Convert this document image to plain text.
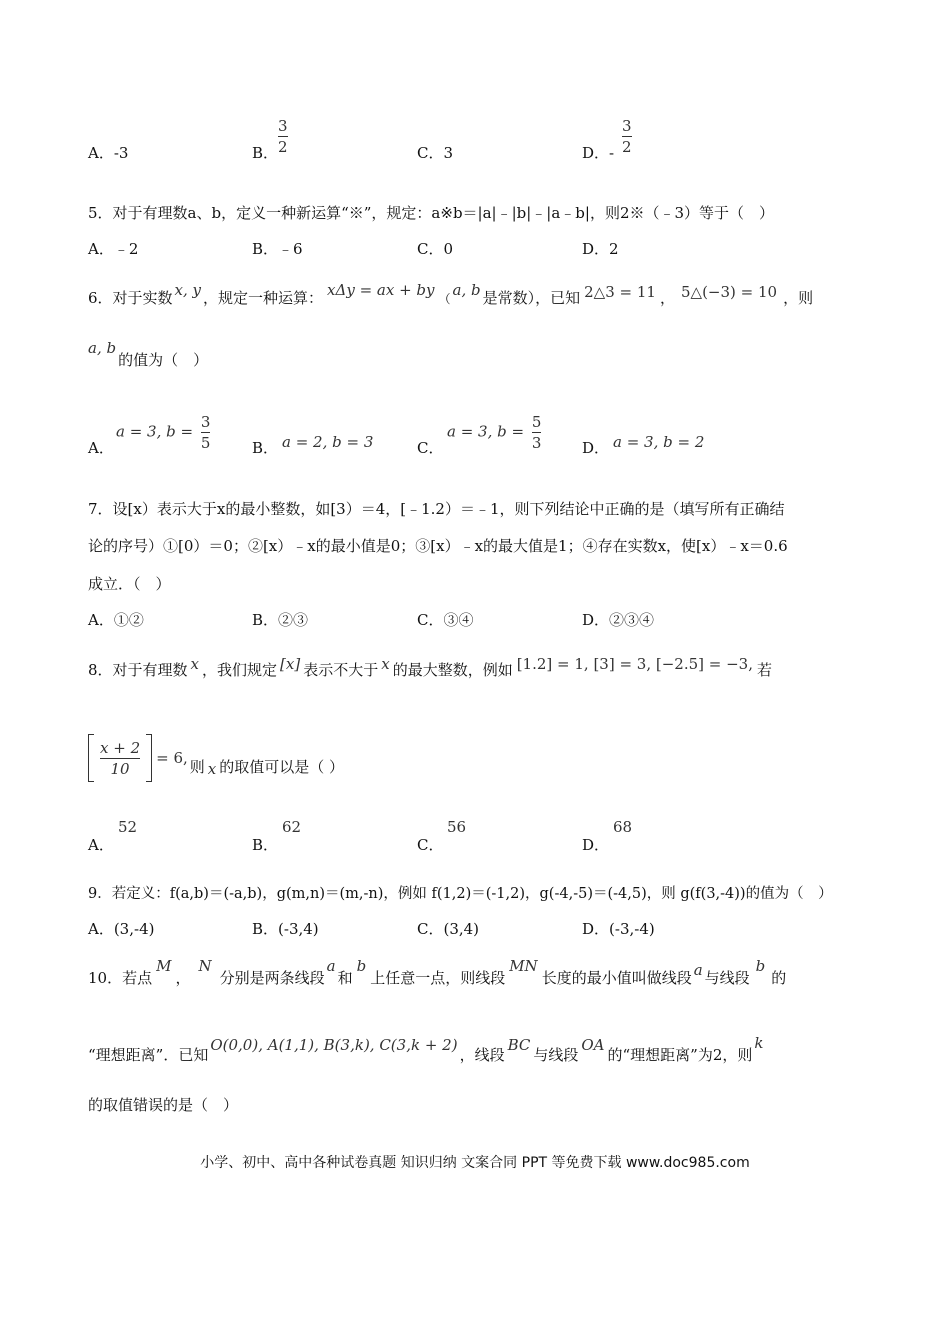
A．-3	B． $\frac{3}{2}$	C．3	D．- $\frac{3}{2}$
5．对于有理数a、b，定义一种新运算“※”，规定：a※b＝|a|﹣|b|﹣|a﹣b|，则2※（﹣3）等于（　）
A．﹣2	B．﹣6	C．0	D．2
6．对于实数 x, y ，规定一种运算： xΔy = ax + by （ a, b 是常数），已知 2△3 = 11 ， 5△(−3) = 10 ，则
a, b的值为（　）
A．
a = 3, $b = \frac{3}{5}$	B． a = 2, b = 3	C．
a = 3, $b = \frac{5}{3}$	D． a = 3, b = 2
7．设[x）表示大于x的最小整数，如[3）＝4，[﹣1.2）＝﹣1，则下列结论中正确的是（填写所有正确结
论的序号）①[0）＝0；②[x）﹣x的最小值是0；③[x）﹣x的最大值是1；④存在实数x，使[x）﹣x＝0.6
成立．（　）
A．①②	B．②③	C．③④	D．②③④
8．对于有理数 x ，我们规定 [x] 表示不大于 x 的最大整数，例如 [1.2] = 1, [3] = 3, [−2.5] = −3, 若
$\frac{x + 2}{10} = 6$, 则 x 的取值可以是（ ）
A．
52
B．
62
C．
56
D．
68
9．若定义：f(a,b)＝(-a,b)，g(m,n)＝(m,-n)，例如 f(1,2)＝(-1,2)，g(-4,-5)＝(-4,5)，则 g(f(3,-4))的值为（　）
A．(3,-4)	B．(-3,4)	C．(3,4)	D．(-3,-4)
10．若点M，N分别是两条线段a和b上任意一点，则线段MN长度的最小值叫做线段 a 与线段b的
“理想距离”．已知O(0,0), A(1,1), B(3,k), C(3,k + 2)，线段BC与线段OA的“理想距离”为2，则k
的取值错误的是（　）
小学、初中、高中各种试卷真题 知识归纳 文案合同 PPT 等免费下载 www.doc985.com
